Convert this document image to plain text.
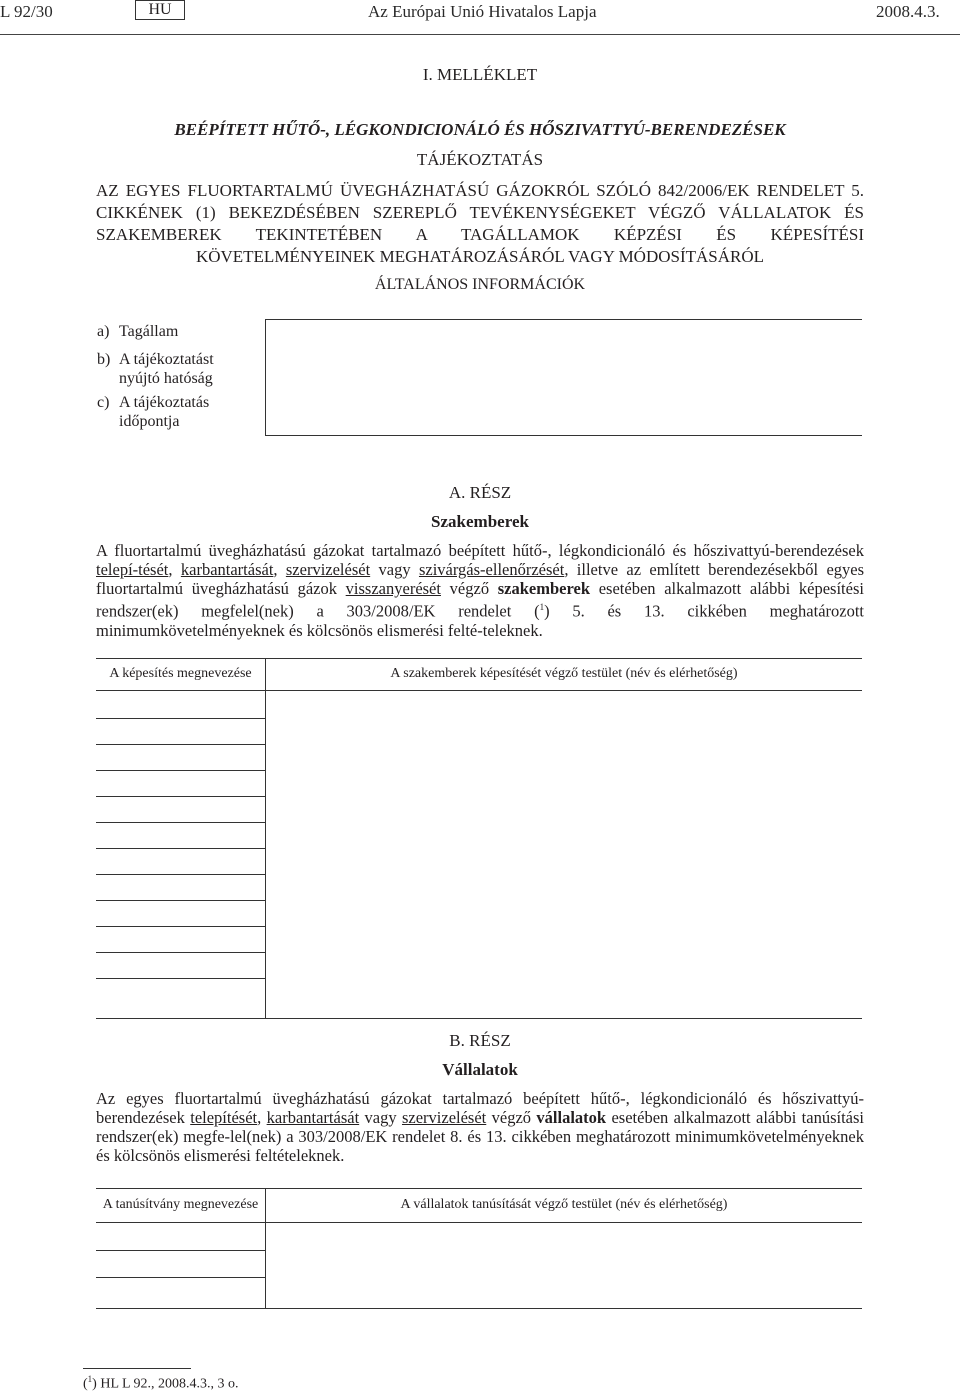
L 92/30	HU	Az Európai Unió Hivatalos Lapja	2008.4.3.
I. MELLÉKLET
BEÉPÍTETT HŰTŐ-, LÉGKONDICIONÁLÓ ÉS HŐSZIVATTYÚ-BERENDEZÉSEK
TÁJÉKOZTATÁS
AZ EGYES FLUORTARTALMÚ ÜVEGHÁZHATÁSÚ GÁZOKRÓL SZÓLÓ 842/2006/EK RENDELET 5. CIKKÉNEK (1) BEKEZDÉSÉBEN SZEREPLŐ TEVÉKENYSÉGEKET VÉGZŐ VÁLLALATOK ÉS SZAKEMBEREK TEKINTETÉBEN A TAGÁLLAMOK KÉPZÉSI ÉS KÉPESÍTÉSI KÖVETELMÉNYEINEK MEGHATÁROZÁSÁRÓL VAGY MÓDOSÍTÁSÁRÓL
ÁLTALÁNOS INFORMÁCIÓK
a) Tagállam
b) A tájékoztatást nyújtó hatóság
c) A tájékoztatás időpontja
A. RÉSZ
Szakemberek
A fluortartalmú üvegházhatású gázokat tartalmazó beépített hűtő-, légkondicionáló és hőszivattyú-berendezések telepí-tését, karbantartását, szervizelését vagy szivárgás-ellenőrzését, illetve az említett berendezésekből egyes fluortartalmú üvegházhatású gázok visszanyerését végző szakemberek esetében alkalmazott alábbi képesítési rendszer(ek) megfelel(nek) a 303/2008/EK rendelet ($^1$) 5. és 13. cikkében meghatározott minimumkövetelményeknek és kölcsönös elismerési felté-teleknek.
A képesítés megnevezése	A szakemberek képesítését végző testület (név és elérhetőség)
B. RÉSZ
Vállalatok
Az egyes fluortartalmú üvegházhatású gázokat tartalmazó beépített hűtő-, légkondicionáló és hőszivattyú-berendezések telepítését, karbantartását vagy szervizelését végző vállalatok esetében alkalmazott alábbi tanúsítási rendszer(ek) megfe-lel(nek) a 303/2008/EK rendelet 8. és 13. cikkében meghatározott minimumkövetelményeknek és kölcsönös elismerési feltételeknek.
A tanúsítvány megnevezése	A vállalatok tanúsítását végző testület (név és elérhetőség)
($^1$) HL L 92., 2008.4.3., 3 o.
